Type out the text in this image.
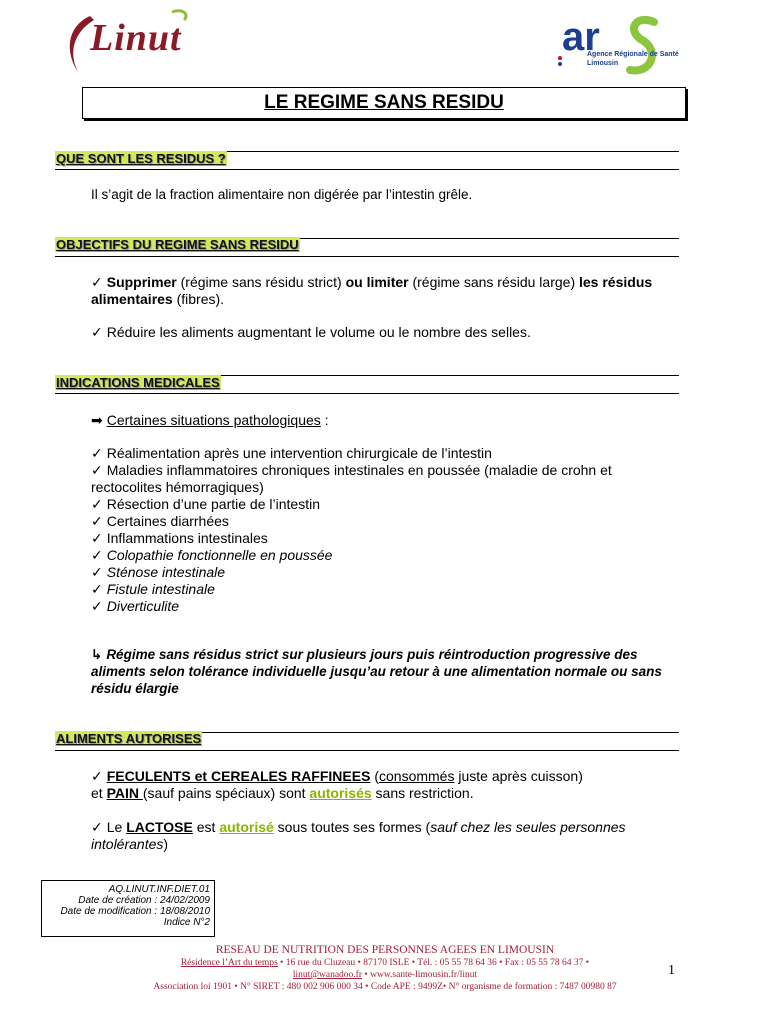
Linut	ar
Agence Régionale de Santé
Limousin
LE REGIME SANS RESIDU
QUE SONT LES RESIDUS ?
Il s’agit de la fraction alimentaire non digérée par l’intestin grêle.
OBJECTIFS DU REGIME SANS RESIDU
✓ Supprimer (régime sans résidu strict) ou limiter (régime sans résidu large) les résidus alimentaires (fibres).
✓ Réduire les aliments augmentant le volume ou le nombre des selles.
INDICATIONS MEDICALES
➡ Certaines situations pathologiques :
✓ Réalimentation après une intervention chirurgicale de l’intestin
✓ Maladies inflammatoires chroniques intestinales en poussée (maladie de crohn et rectocolites hémorragiques)
✓ Résection d’une partie de l’intestin
✓ Certaines diarrhées
✓ Inflammations intestinales
✓ Colopathie fonctionnelle en poussée
✓ Sténose intestinale
✓ Fistule intestinale
✓ Diverticulite
↳ Régime sans résidus strict sur plusieurs jours puis réintroduction progressive des aliments selon tolérance individuelle jusqu’au retour à une alimentation normale ou sans résidu élargie
ALIMENTS AUTORISES
✓ FECULENTS et CEREALES RAFFINEES (consommés juste après cuisson)
et PAIN (sauf pains spéciaux) sont autorisés sans restriction.
✓ Le LACTOSE est autorisé sous toutes ses formes (sauf chez les seules personnes intolérantes)
AQ.LINUT.INF.DIET.01
Date de création : 24/02/2009
Date de modification : 18/08/2010
Indice N°2
RESEAU DE NUTRITION DES PERSONNES AGEES EN LIMOUSIN
Résidence l’Art du temps • 16 rue du Cluzeau • 87170 ISLE • Tél. : 05 55 78 64 36 • Fax : 05 55 78 64 37 •
linut@wanadoo.fr • www.sante-limousin.fr/linut
Association loi 1901 • N° SIRET : 480 002 906 000 34 • Code APE : 9499Z• N° organisme de formation : 7487 00980 87
1
